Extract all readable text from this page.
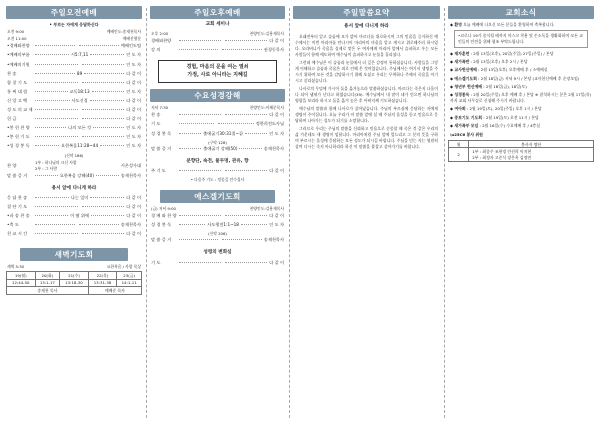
주일오전예배
• 부르는 자에게 응답하신다
오전 9:00	예배인도:송재천목사
오전 11:00	예배진행분
•경배와찬양	예배인도팀
•예배의부름	시5:7,11	인 도 자
•예배의기원	인 도 자
찬 송	89	다 같 이
합 창 기 도	다 같 이
통 써 대 림	교독18:13	인 도 자
신 앙 고 백	사도신경	다 같 이
성 도 의 교 제	다 같 이
헌 금	다 같 이
•봉 헌 찬 양	나의 모든 것	인 도 자
•봉 헌 기 도	인 도 자
•성 경 봉 독	요한복음11:28~44	인 도 자
(신약 186)
찬 양	1부 : 하나님의 크신 사랑
2부 : 그 사람
시온성가대
말 씀 증 거	요한복음 강해(40)	송재천목사
용서 앞에 다니게 하라
응 답 찬 송	나는 일미	다 같 이
결 단 기 도	다 같 이
•파 송 찬 송	이 땀 위에	다 같 이
•축 도	송재천목사
친 교 시 간	다 같 이
새벽기도회
새벽 5:30	요한복음 / 사랑 목상
19(월)	20(화)	21(수)	22(목)	23(금)
12:44-50	13:1-17	13:18-30	13:31-38	14:1-11
송재천 목사			예배준 목사	
주일오후예배
교회 세미나
오후 2:00	찬양인도:김용재목사
경배와찬양	다 같 이
강 의	권경동목사
경험, 마음의 문을 여는 열쇠
가정, 사로 아니라는 지혜길
수요성경강해
저녁 7:30	찬양인도:이해준목사
찬 송	다 같 이
기 도	정한희전도사님
성 경 봉 독	출애굽기30:31절~끝	인 도 자
(구약 128)
말 씀 증 거	출애굽기 강해(50)	송재천목사
분향단, 속전, 물두멍, 관유, 향
주 기 도	다 같 이
• 다음주 기도 : 정종길 안수집사
에스겔기도회
(금) 저녁 9:00	찬양인도:김용재목사
경 배 와 찬 양	다 같 이
성 경 봉 독	사도행전1:1~18	인 도 자
(신약 206)
말 씀 증 거	송재천목사
성령의 변화심
기 도	다 같 이
주일말씀요약
용서 앞에 다니게 하라

오래전부터 알고 슬픔에 모가 밝아 마르다를 위로하시며 그의 믿음을 증거하신 예수께서는 이번 마리아를 만나시어 마리아의 마음을 알고 계시고 위로해주러 하시었다. 오라버니가 죽음을 실제로 맞은 두 여자에게 마리아 앞에서 슬퍼하고 우는 모든 사람들이 함께 애도하여 예수님이 슬퍼하시고 눈물을 흘리셨다.

그런데 예수님은 이 슬픔과 눈물에서 더 깊은 감정이 통하셨습니다. 사람들을 그렇게 이해하고 슬픔과 죽음은 죄로 인해 온 것이었습니다. 주님께서는 여기서 생명을 주시기 위하여 모든 것을 감당하시기 위해 오셨고 우리는 무력하나 주께서 죽음을 이기시고 살리셨습니다.

나사로의 무덤에 가시어 돌을 옮겨놓으라 말씀하셨습니다. 마르다는 죽은지 나흘이나 되어 냄새가 난다고 하였습니다(39). 예수님께서 내 말이 네가 믿으면 하나님의 영광을 보리라 하시고 돌을 옮겨 놓은 후 아버지께 기도하셨습니다.

예수님의 말씀과 함께 나사로가 살아났습니다. 주님의 부르심에 응답하는 자에게 생명이 주어집니다. 오늘 우리가 이 말씀 앞에 설 때 주님의 음성을 듣고 믿음으로 응답하여 나아가는 성도가 되기를 소망합니다.

그러므로 우리는 주님의 말씀을 신뢰하고 믿음으로 순종할 때 죽은 것 같은 우리의 삶 가운데도 새 생명이 임합니다. 마리아처럼 주님 앞에 엎드리고 그 분의 뜻을 구하며 부르시는 음성에 응답하는 모든 성도가 되시길 바랍니다. 주님을 믿는 자는 영원히 살며 다시는 죽지 아니하리라 하신 이 말씀을 붙잡고 살아가기를 바랍니다.

교회소식
◆ 환영 오늘 예배에 나오신 모든 분들을 환영하며 축복합니다.
•코로나 19가 종식될 때까지 마스크 착용 및 손소독을 생활화하며 모든 교인들의 안전을 위해 협조 부탁드립니다.
◆ 제자훈련 : 2월 13일(오후), 20일(주일) 27일(주일) / 본당
◆ 새가족반 : 2월 13일(오후) 오후 2시 / 본당
◆ 교사헌신예배 : 2월 13일(오후) 오후예배 후 / 소예배실
◆ 에스겔기도회 : 2월 18일(금) 저녁 9시 / 본당 (교사헌신예배 후 순장모임)
◆ 청년부 헌신예배 : 2월 18일(금), 18일(토)
◆ 성경통독 : 2월 20일(주일) 오후 예배 후 / 본당 ※ 참석하시는 분은 2월 17일(목)까지 교회 사무실로 신청해 주시기 바랍니다.
◆ 여아회 : 2월 19일(토), 20일(주일) 오후 1시 / 본당
◆ 중보기도 기도회 : 2월 19일(토) 오전 11시 / 본당
◆ 새가족부 모임 : 2월 16일(수) 수요예배 후 / 4층실
\u25C6 봉사 위원
월	봉사자 명단
2	1부 : 최종주 조현정 안선희 이지현
2부 : 최정자 고준식 장은옥 김정연
